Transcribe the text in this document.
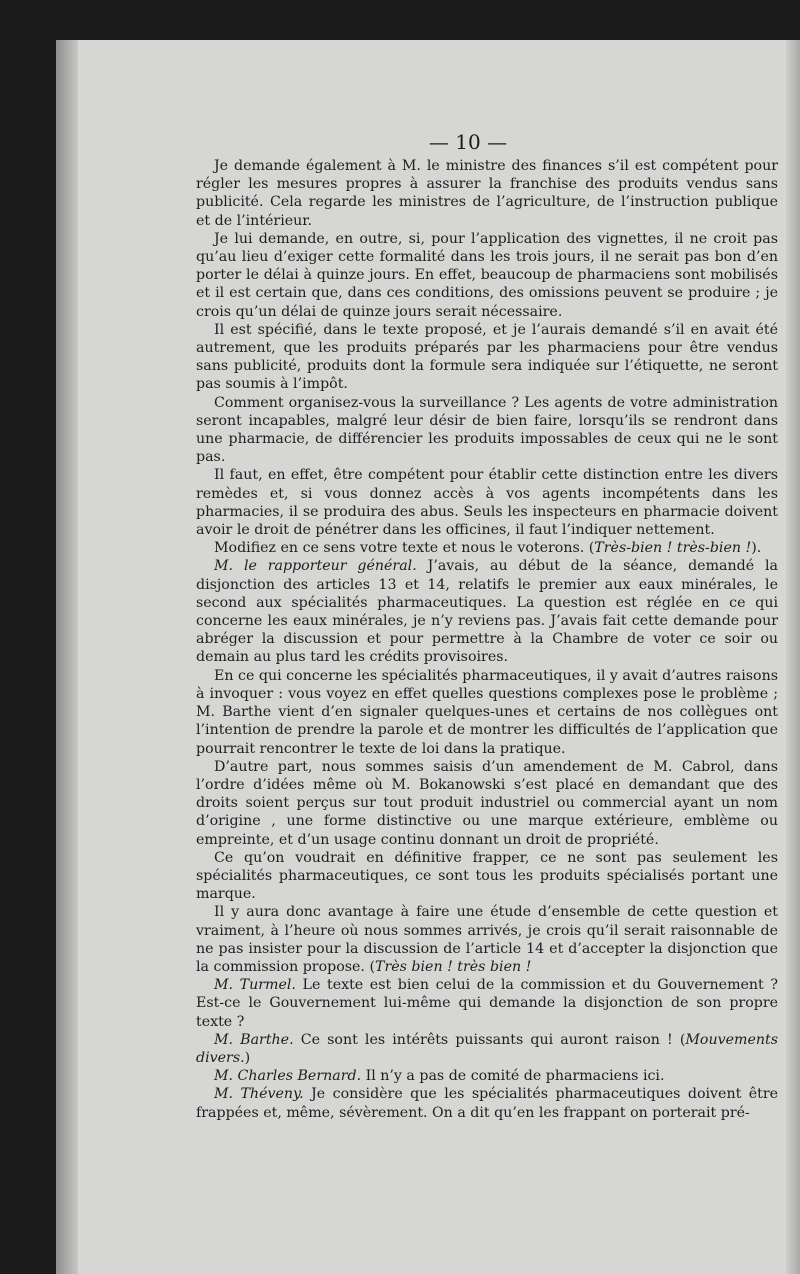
— 10 —

Je demande également à M. le ministre des finances s’il est compétent pour régler les mesures propres à assurer la franchise des produits vendus sans publicité. Cela regarde les ministres de l’agriculture, de l’instruction publique et de l’intérieur.

Je lui demande, en outre, si, pour l’application des vignettes, il ne croit pas qu’au lieu d’exiger cette formalité dans les trois jours, il ne serait pas bon d’en porter le délai à quinze jours. En effet, beaucoup de pharmaciens sont mobilisés et il est certain que, dans ces conditions, des omissions peuvent se produire ; je crois qu’un délai de quinze jours serait nécessaire.

Il est spécifié, dans le texte proposé, et je l’aurais demandé s’il en avait été autrement, que les produits préparés par les pharmaciens pour être vendus sans publicité, produits dont la formule sera indiquée sur l’étiquette, ne seront pas soumis à l’impôt.

Comment organisez-vous la surveillance ? Les agents de votre administration seront incapables, malgré leur désir de bien faire, lorsqu’ils se rendront dans une pharmacie, de différencier les produits impossables de ceux qui ne le sont pas.

Il faut, en effet, être compétent pour établir cette distinction entre les divers remèdes et, si vous donnez accès à vos agents incompétents dans les pharmacies, il se produira des abus. Seuls les inspecteurs en pharmacie doivent avoir le droit de pénétrer dans les officines, il faut l’indiquer nettement.

Modifiez en ce sens votre texte et nous le voterons. (Très-bien ! très-bien !).

M. le rapporteur général. J’avais, au début de la séance, demandé la disjonction des articles 13 et 14, relatifs le premier aux eaux minérales, le second aux spécialités pharmaceutiques. La question est réglée en ce qui concerne les eaux minérales, je n’y reviens pas. J’avais fait cette demande pour abréger la discussion et pour permettre à la Chambre de voter ce soir ou demain au plus tard les crédits provisoires.

En ce qui concerne les spécialités pharmaceutiques, il y avait d’autres raisons à invoquer : vous voyez en effet quelles questions complexes pose le problème ; M. Barthe vient d’en signaler quelques-unes et certains de nos collègues ont l’intention de prendre la parole et de montrer les difficultés de l’application que pourrait rencontrer le texte de loi dans la pratique.

D’autre part, nous sommes saisis d’un amendement de M. Cabrol, dans l’ordre d’idées même où M. Bokanowski s’est placé en demandant que des droits soient perçus sur tout produit industriel ou commercial ayant un nom d’origine , une forme distinctive ou une marque extérieure, emblème ou empreinte, et d’un usage continu donnant un droit de propriété.

Ce qu’on voudrait en définitive frapper, ce ne sont pas seulement les spécialités pharmaceutiques, ce sont tous les produits spécialisés portant une marque.

Il y aura donc avantage à faire une étude d’ensemble de cette question et vraiment, à l’heure où nous sommes arrivés, je crois qu’il serait raisonnable de ne pas insister pour la discussion de l’article 14 et d’accepter la disjonction que la commission propose. (Très bien ! très bien !

M. Turmel. Le texte est bien celui de la commission et du Gouvernement ? Est-ce le Gouvernement lui-même qui demande la disjonction de son propre texte ?

M. Barthe. Ce sont les intérêts puissants qui auront raison ! (Mouvements divers.)

M. Charles Bernard. Il n’y a pas de comité de pharmaciens ici.

M. Théveny. Je considère que les spécialités pharmaceutiques doivent être frappées et, même, sévèrement. On a dit qu’en les frappant on porterait pré-
